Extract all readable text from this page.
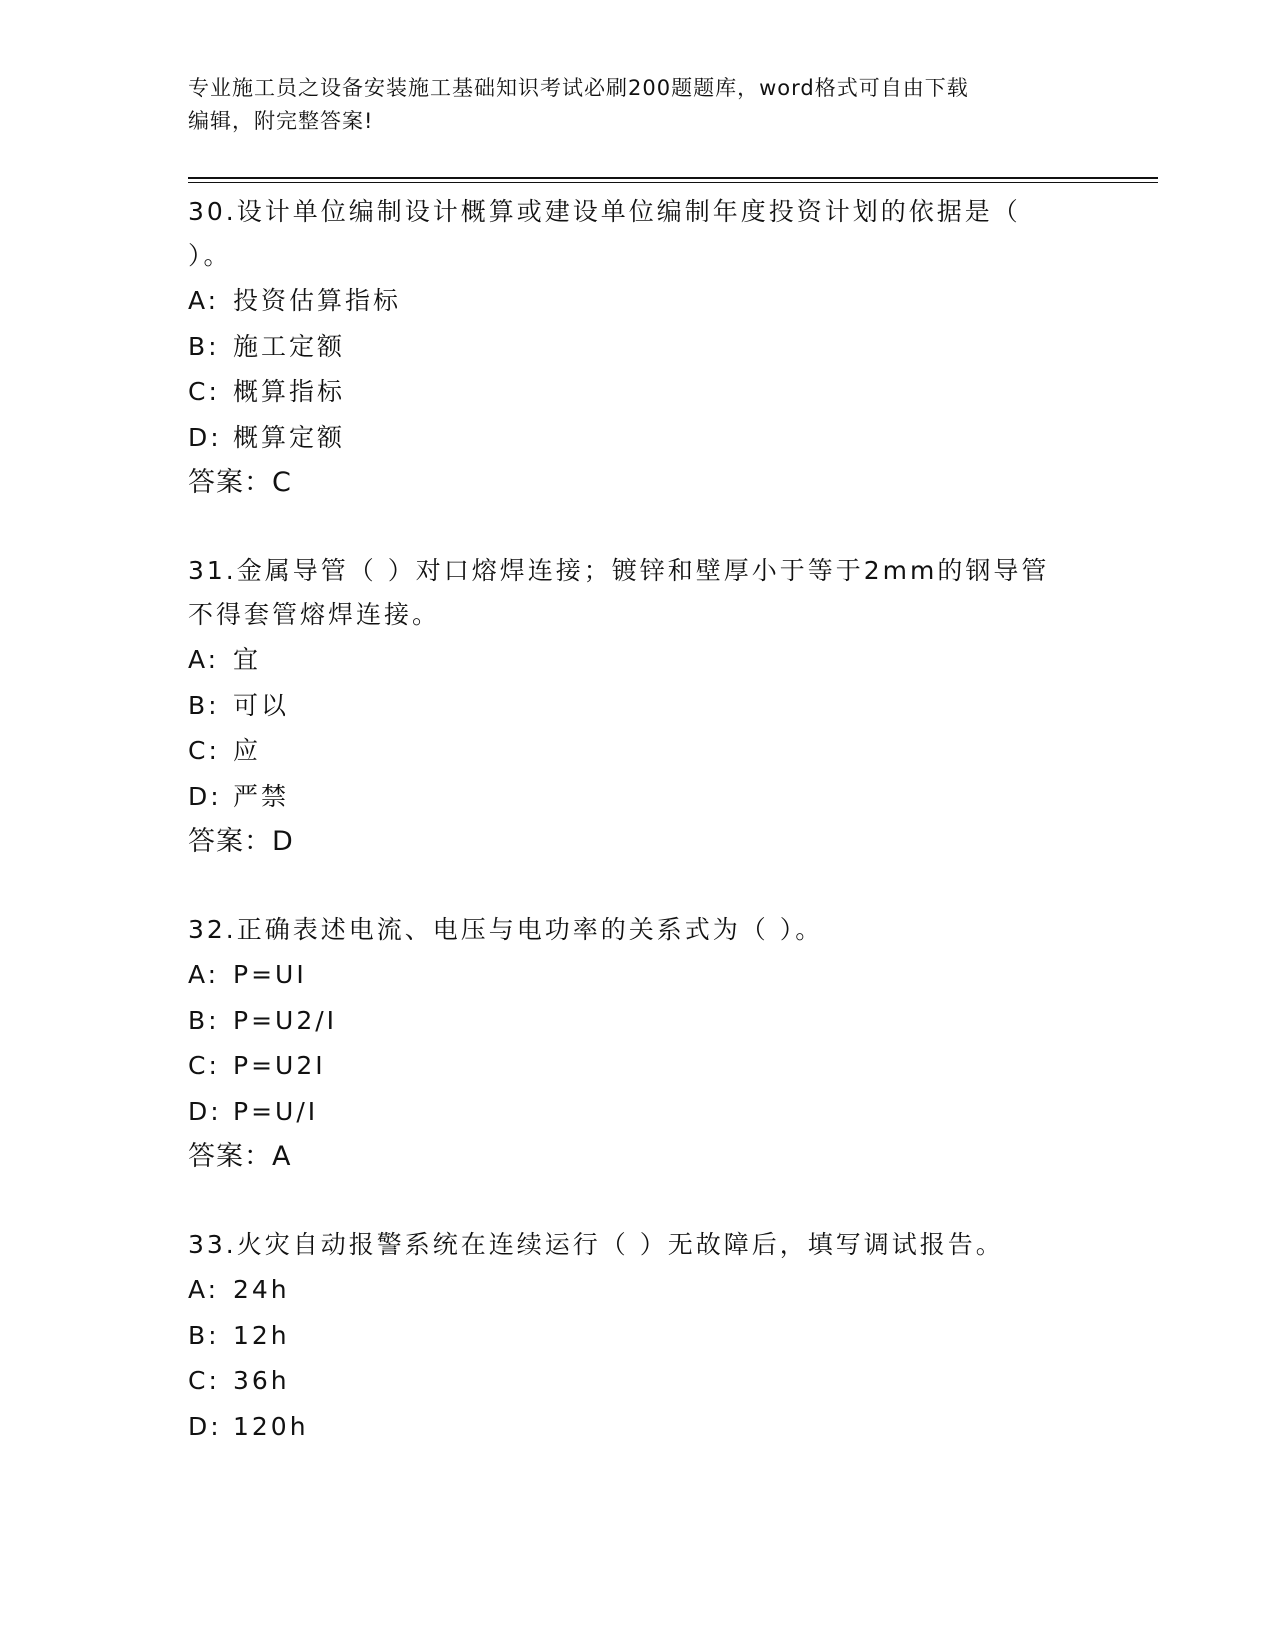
专业施工员之设备安装施工基础知识考试必刷200题题库，word格式可自由下载
编辑，附完整答案!
30.设计单位编制设计概算或建设单位编制年度投资计划的依据是（
）。
A: 投资估算指标
B: 施工定额
C: 概算指标
D: 概算定额
答案：C
31.金属导管（ ）对口熔焊连接；镀锌和壁厚小于等于2mm的钢导管
不得套管熔焊连接。
A: 宜
B: 可以
C: 应
D: 严禁
答案：D
32.正确表述电流、电压与电功率的关系式为（ ）。
A: P=UI
B: P=U2/I
C: P=U2I
D: P=U/I
答案：A
33.火灾自动报警系统在连续运行（ ）无故障后，填写调试报告。
A: 24h
B: 12h
C: 36h
D: 120h
